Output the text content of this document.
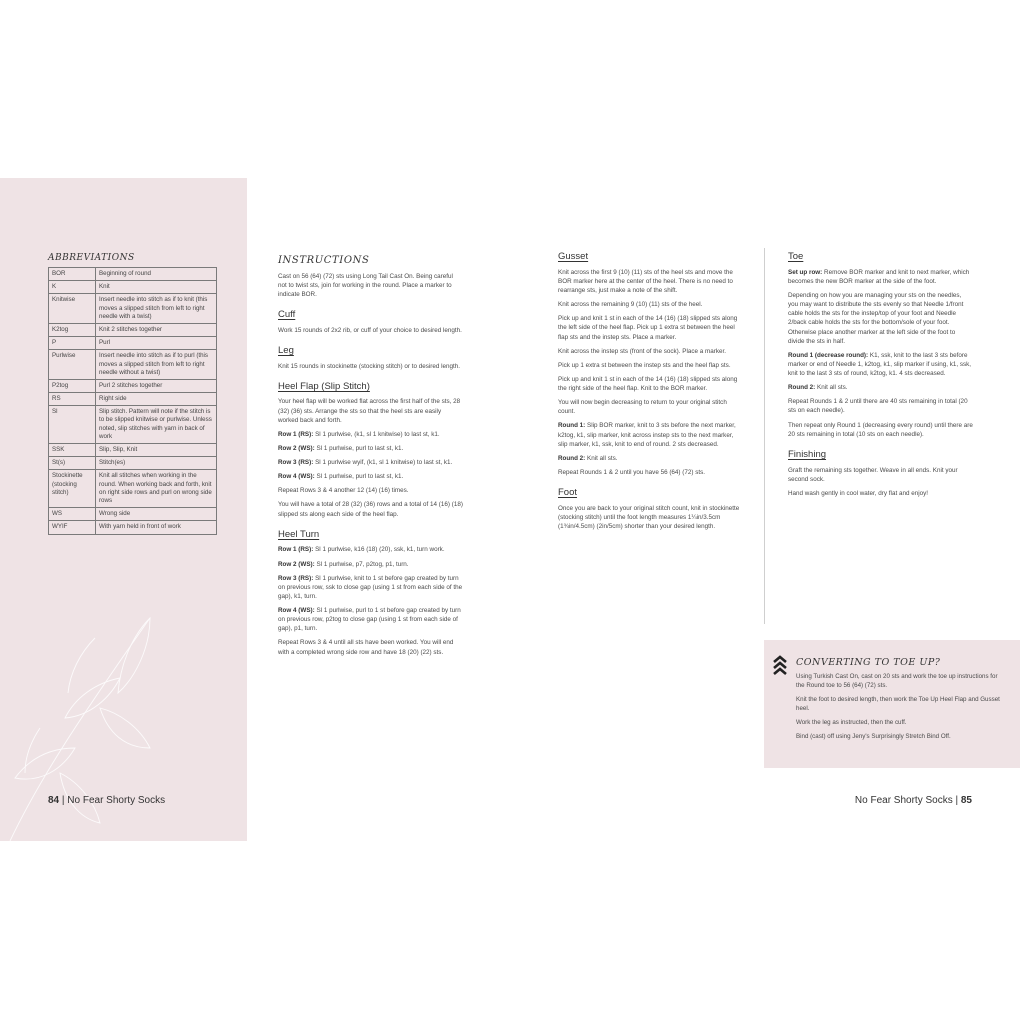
ABBREVIATIONS
BOR	Beginning of round
K	Knit
Knitwise	Insert needle into stitch as if to knit (this moves a slipped stitch from left to right needle with a twist)
K2tog	Knit 2 stitches together
P	Purl
Purlwise	Insert needle into stitch as if to purl (this moves a slipped stitch from left to right needle without a twist)
P2tog	Purl 2 stitches together
RS	Right side
Sl	Slip stitch. Pattern will note if the stitch is to be slipped knitwise or purlwise. Unless noted, slip stitches with yarn in back of work
SSK	Slip, Slip, Knit
St(s)	Stitch(es)
Stockinette (stocking stitch)	Knit all stitches when working in the round. When working back and forth, knit on right side rows and purl on wrong side rows
WS	Wrong side
WYIF	With yarn held in front of work
84 | No Fear Shorty Socks
INSTRUCTIONS

Cast on 56 (64) (72) sts using Long Tail Cast On. Being careful not to twist sts, join for working in the round. Place a marker to indicate BOR.

Cuff

Work 15 rounds of 2x2 rib, or cuff of your choice to desired length.

Leg

Knit 15 rounds in stockinette (stocking stitch) or to desired length.

Heel Flap (Slip Stitch)

Your heel flap will be worked flat across the first half of the sts, 28 (32) (36) sts. Arrange the sts so that the heel sts are easily worked back and forth.

Row 1 (RS): Sl 1 purlwise, (k1, sl 1 knitwise) to last st, k1.

Row 2 (WS): Sl 1 purlwise, purl to last st, k1.

Row 3 (RS): Sl 1 purlwise wyif, (k1, sl 1 knitwise) to last st, k1.

Row 4 (WS): Sl 1 purlwise, purl to last st, k1.

Repeat Rows 3 & 4 another 12 (14) (16) times.

You will have a total of 28 (32) (36) rows and a total of 14 (16) (18) slipped sts along each side of the heel flap.

Heel Turn

Row 1 (RS): Sl 1 purlwise, k16 (18) (20), ssk, k1, turn work.

Row 2 (WS): Sl 1 purlwise, p7, p2tog, p1, turn.

Row 3 (RS): Sl 1 purlwise, knit to 1 st before gap created by turn on previous row, ssk to close gap (using 1 st from each side of the gap), k1, turn.

Row 4 (WS): Sl 1 purlwise, purl to 1 st before gap created by turn on previous row, p2tog to close gap (using 1 st from each side of gap), p1, turn.

Repeat Rows 3 & 4 until all sts have been worked. You will end with a completed wrong side row and have 18 (20) (22) sts.

Gusset

Knit across the first 9 (10) (11) sts of the heel sts and move the BOR marker here at the center of the heel. There is no need to rearrange sts, just make a note of the shift.

Knit across the remaining 9 (10) (11) sts of the heel.

Pick up and knit 1 st in each of the 14 (16) (18) slipped sts along the left side of the heel flap. Pick up 1 extra st between the heel flap sts and the instep sts. Place a marker.

Knit across the instep sts (front of the sock). Place a marker.

Pick up 1 extra st between the instep sts and the heel flap sts.

Pick up and knit 1 st in each of the 14 (16) (18) slipped sts along the right side of the heel flap. Knit to the BOR marker.

You will now begin decreasing to return to your original stitch count.

Round 1: Slip BOR marker, knit to 3 sts before the next marker, k2tog, k1, slip marker, knit across instep sts to the next marker, slip marker, k1, ssk, knit to end of round. 2 sts decreased.

Round 2: Knit all sts.

Repeat Rounds 1 & 2 until you have 56 (64) (72) sts.

Foot

Once you are back to your original stitch count, knit in stockinette (stocking stitch) until the foot length measures 1¼in/3.5cm (1¾in/4.5cm) (2in/5cm) shorter than your desired length.

Toe

Set up row: Remove BOR marker and knit to next marker, which becomes the new BOR marker at the side of the foot.

Depending on how you are managing your sts on the needles, you may want to distribute the sts evenly so that Needle 1/front cable holds the sts for the instep/top of your foot and Needle 2/back cable holds the sts for the bottom/sole of your foot. Otherwise place another marker at the left side of the foot to divide the sts in half.

Round 1 (decrease round): K1, ssk, knit to the last 3 sts before marker or end of Needle 1, k2tog, k1, slip marker if using, k1, ssk, knit to the last 3 sts of round, k2tog, k1. 4 sts decreased.

Round 2: Knit all sts.

Repeat Rounds 1 & 2 until there are 40 sts remaining in total (20 sts on each needle).

Then repeat only Round 1 (decreasing every round) until there are 20 sts remaining in total (10 sts on each needle).

Finishing

Graft the remaining sts together. Weave in all ends. Knit your second sock.

Hand wash gently in cool water, dry flat and enjoy!

CONVERTING TO TOE UP?

Using Turkish Cast On, cast on 20 sts and work the toe up instructions for the Round toe to 56 (64) (72) sts.

Knit the foot to desired length, then work the Toe Up Heel Flap and Gusset heel.

Work the leg as instructed, then the cuff.

Bind (cast) off using Jeny's Surprisingly Stretch Bind Off.

No Fear Shorty Socks | 85
